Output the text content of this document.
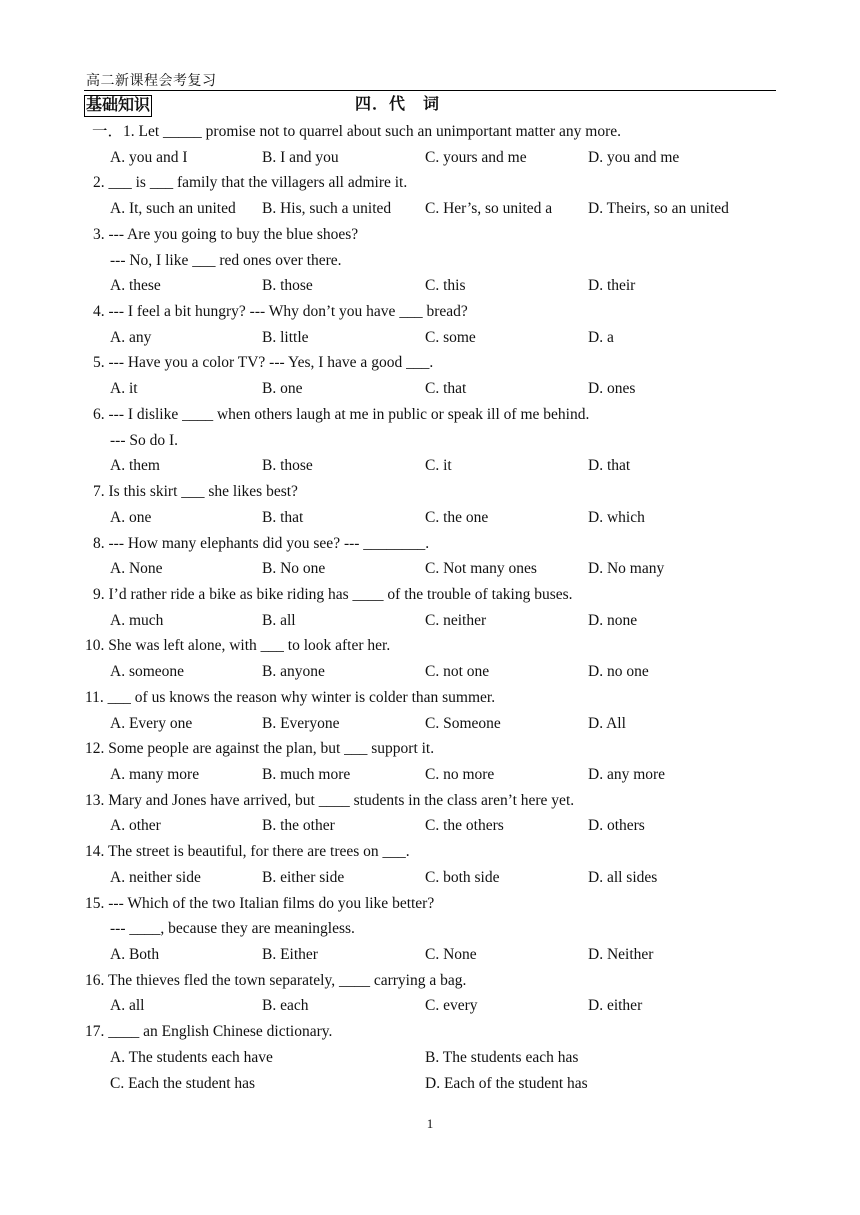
高二新课程会考复习
基础知识	四．代　词
一．1. Let _____ promise not to quarrel about such an unimportant matter any more.
A. you and I	B. I and you	C. yours and me	D. you and me
2. ___ is ___ family that the villagers all admire it.
A. It, such an united B. His, such a united C. Her’s, so united a D. Theirs, so an united
3. --- Are you going to buy the blue shoes?
--- No, I like ___ red ones over there.
A. these	B. those	C. this	D. their
4. --- I feel a bit hungry? --- Why don’t you have ___ bread?
A. any	B. little	C. some	D. a
5. --- Have you a color TV? --- Yes, I have a good ___.
A. it	B. one	C. that	D. ones
6. --- I dislike ____ when others laugh at me in public or speak ill of me behind.
--- So do I.
A. them	B. those	C. it	D. that
7. Is this skirt ___ she likes best?
A. one	B. that	C. the one	D. which
8. --- How many elephants did you see? --- ________.
A. None	B. No one	C. Not many ones	D. No many
9. I’d rather ride a bike as bike riding has ____ of the trouble of taking buses.
A. much	B. all	C. neither	D. none
10. She was left alone, with ___ to look after her.
A. someone	B. anyone	C. not one	D. no one
11. ___ of us knows the reason why winter is colder than summer.
A. Every one	B. Everyone	C. Someone	D. All
12. Some people are against the plan, but ___ support it.
A. many more	B. much more	C. no more	D. any more
13. Mary and Jones have arrived, but ____ students in the class aren’t here yet.
A. other	B. the other	C. the others	D. others
14. The street is beautiful, for there are trees on ___.
A. neither side	B. either side	C. both side	D. all sides
15. --- Which of the two Italian films do you like better?
--- ____, because they are meaningless.
A. Both	B. Either	C. None	D. Neither
16. The thieves fled the town separately, ____ carrying a bag.
A. all	B. each	C. every	D. either
17. ____ an English Chinese dictionary.
A. The students each have	B. The students each has
C. Each the student has	D. Each of the student has
1
